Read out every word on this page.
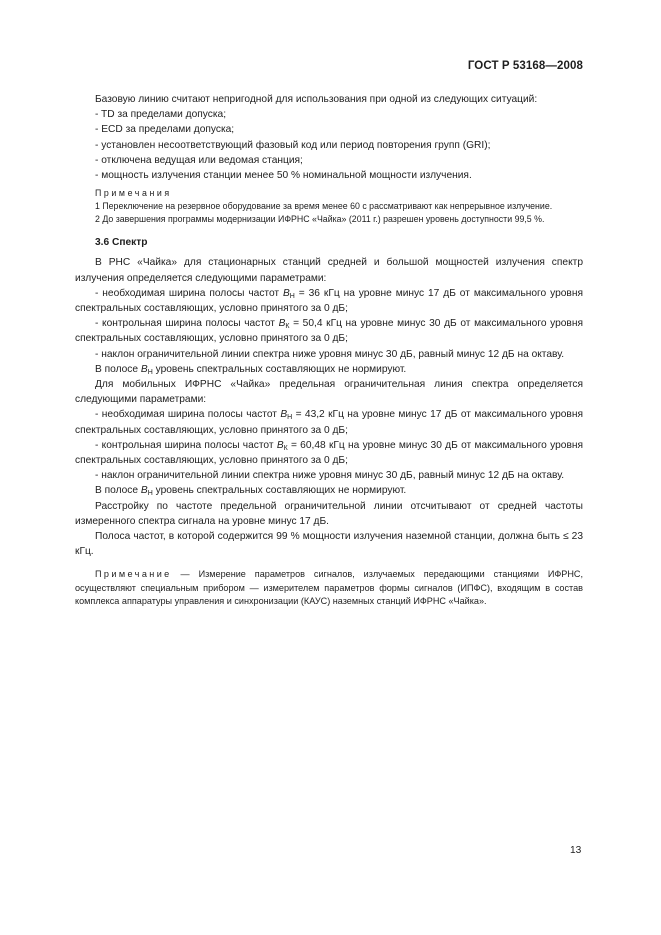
ГОСТ Р 53168—2008

Базовую линию считают непригодной для использования при одной из следующих ситуаций:

- TD за пределами допуска;
- ECD за пределами допуска;
- установлен несоответствующий фазовый код или период повторения групп (GRI);
- отключена ведущая или ведомая станция;
- мощность излучения станции менее 50 % номинальной мощности излучения.
Примечания
1 Переключение на резервное оборудование за время менее 60 с рассматривают как непрерывное излучение.
2 До завершения программы модернизации ИФРНС «Чайка» (2011 г.) разрешен уровень доступности 99,5 %.
3.6 Спектр

В РНС «Чайка» для стационарных станций средней и большой мощностей излучения спектр излучения определяется следующими параметрами:

- необходимая ширина полосы частот $B_Н = 36$ кГц на уровне минус 17 дБ от максимального уровня спектральных составляющих, условно принятого за 0 дБ;

- контрольная ширина полосы частот $B_К = 50,4$ кГц на уровне минус 30 дБ от максимального уровня спектральных составляющих, условно принятого за 0 дБ;

- наклон ограничительной линии спектра ниже уровня минус 30 дБ, равный минус 12 дБ на октаву.

В полосе $B_Н$ уровень спектральных составляющих не нормируют.

Для мобильных ИФРНС «Чайка» предельная ограничительная линия спектра определяется следующими параметрами:

- необходимая ширина полосы частот $B_Н = 43,2$ кГц на уровне минус 17 дБ от максимального уровня спектральных составляющих, условно принятого за 0 дБ;

- контрольная ширина полосы частот $B_К = 60,48$ кГц на уровне минус 30 дБ от максимального уровня спектральных составляющих, условно принятого за 0 дБ;

- наклон ограничительной линии спектра ниже уровня минус 30 дБ, равный минус 12 дБ на октаву.

В полосе $B_Н$ уровень спектральных составляющих не нормируют.

Расстройку по частоте предельной ограничительной линии отсчитывают от средней частоты измеренного спектра сигнала на уровне минус 17 дБ.

Полоса частот, в которой содержится 99 % мощности излучения наземной станции, должна быть ≤ 23 кГц.

Примечание — Измерение параметров сигналов, излучаемых передающими станциями ИФРНС, осуществляют специальным прибором — измерителем параметров формы сигналов (ИПФС), входящим в состав комплекса аппаратуры управления и синхронизации (КАУС) наземных станций ИФРНС «Чайка».

13
